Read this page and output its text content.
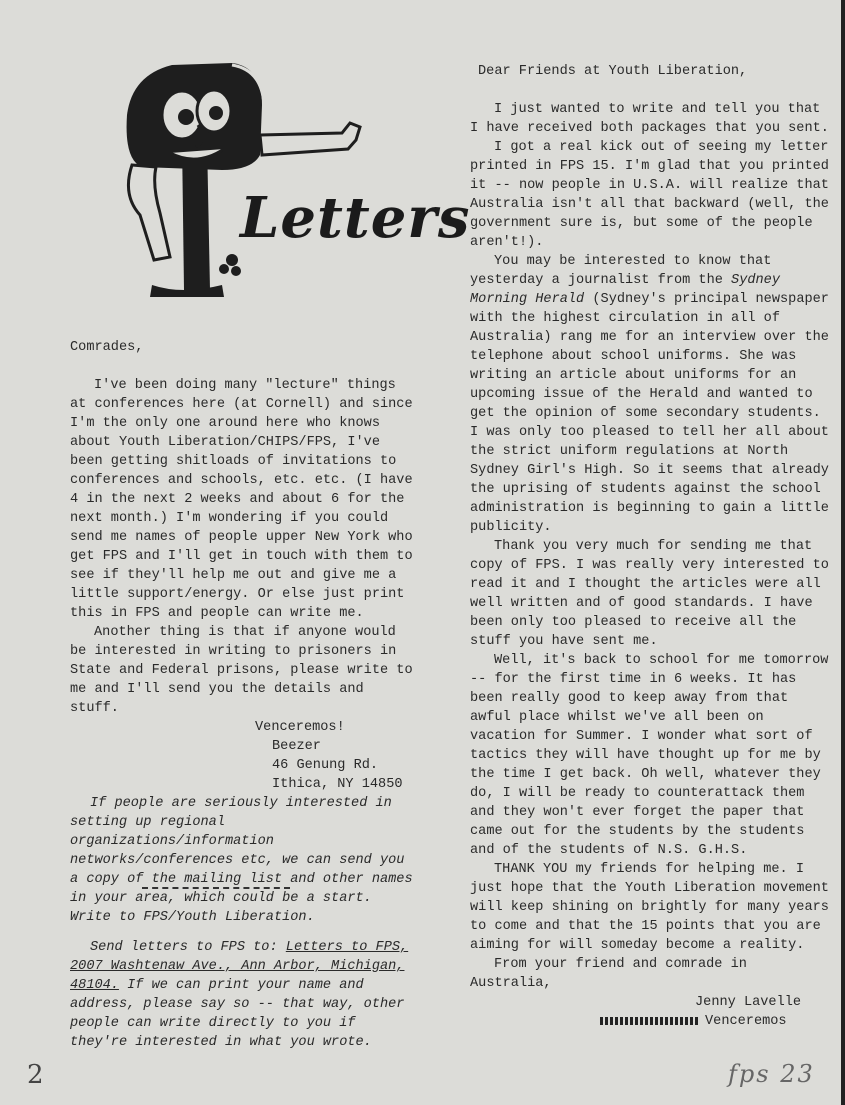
Letters

Comrades,

I've been doing many "lecture" things at conferences here (at Cornell) and since I'm the only one around here who knows about Youth Liberation/CHIPS/FPS, I've been getting shitloads of invitations to conferences and schools, etc. etc. (I have 4 in the next 2 weeks and about 6 for the next month.) I'm wondering if you could send me names of people upper New York who get FPS and I'll get in touch with them to see if they'll help me out and give me a little support/energy. Or else just print this in FPS and people can write me.

Another thing is that if anyone would be interested in writing to prisoners in State and Federal prisons, please write to me and I'll send you the details and stuff.

Venceremos!

Beezer

46 Genung Rd.

Ithica, NY 14850

If people are seriously interested in setting up regional organizations/information networks/conferences etc, we can send you a copy of the mailing list and other names in your area, which could be a start. Write to FPS/Youth Liberation.

Send letters to FPS to: Letters to FPS, 2007 Washtenaw Ave., Ann Arbor, Michigan, 48104. If we can print your name and address, please say so -- that way, other people can write directly to you if they're interested in what you wrote.

Dear Friends at Youth Liberation,

I just wanted to write and tell you that I have received both packages that you sent.

I got a real kick out of seeing my letter printed in FPS 15. I'm glad that you printed it -- now people in U.S.A. will realize that Australia isn't all that backward (well, the government sure is, but some of the people aren't!).

You may be interested to know that yesterday a journalist from the Sydney Morning Herald (Sydney's principal newspaper with the highest circulation in all of Australia) rang me for an interview over the telephone about school uniforms. She was writing an article about uniforms for an upcoming issue of the Herald and wanted to get the opinion of some secondary students. I was only too pleased to tell her all about the strict uniform regulations at North Sydney Girl's High. So it seems that already the uprising of students against the school administration is beginning to gain a little publicity.

Thank you very much for sending me that copy of FPS. I was really very interested to read it and I thought the articles were all well written and of good standards. I have been only too pleased to receive all the stuff you have sent me.

Well, it's back to school for me tomorrow -- for the first time in 6 weeks. It has been really good to keep away from that awful place whilst we've all been on vacation for Summer. I wonder what sort of tactics they will have thought up for me by the time I get back. Oh well, whatever they do, I will be ready to counterattack them and they won't ever forget the paper that came out for the students by the students and of the students of N.S. G.H.S.

THANK YOU my friends for helping me. I just hope that the Youth Liberation movement will keep shining on brightly for many years to come and that the 15 points that you are aiming for will someday become a reality.

From your friend and comrade in Australia,

Jenny Lavelle

Venceremos

2	fps 23
